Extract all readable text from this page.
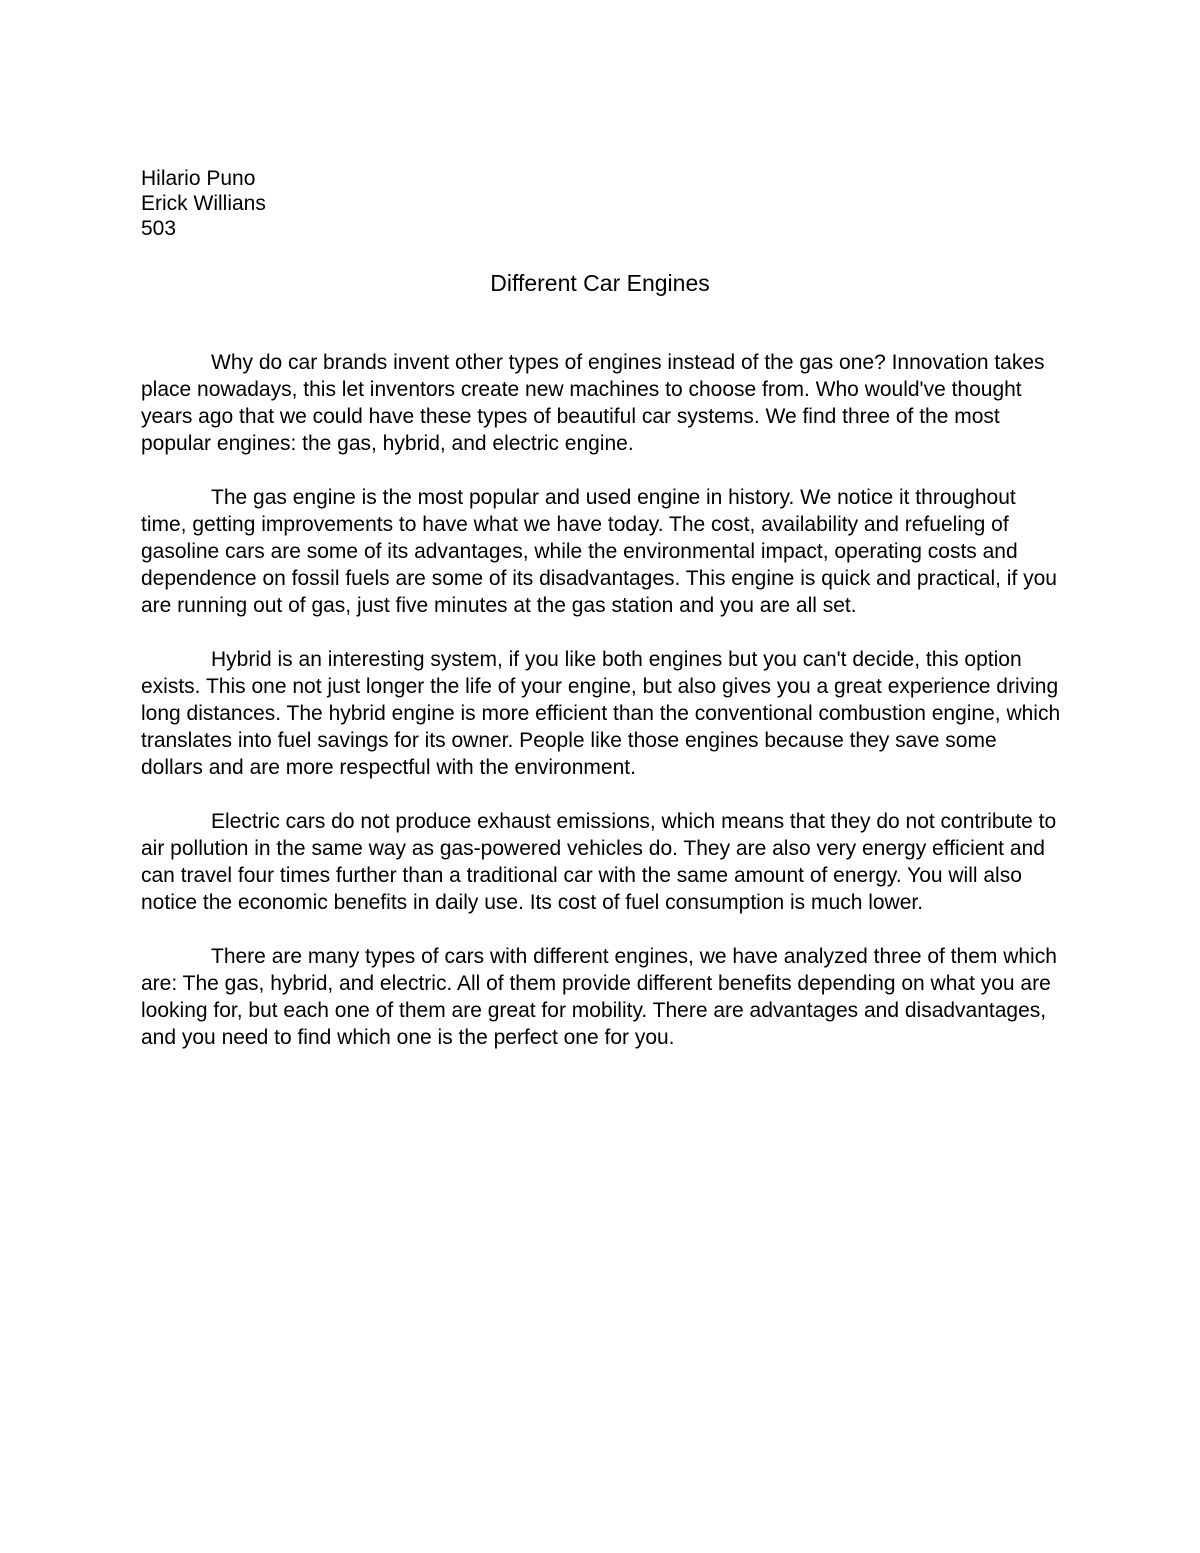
Hilario Puno
Erick Willians
503
Different Car Engines

Why do car brands invent other types of engines instead of the gas one? Innovation takes place nowadays, this let inventors create new machines to choose from. Who would've thought years ago that we could have these types of beautiful car systems. We find three of the most popular engines: the gas, hybrid, and electric engine.

The gas engine is the most popular and used engine in history. We notice it throughout time, getting improvements to have what we have today. The cost, availability and refueling of gasoline cars are some of its advantages, while the environmental impact, operating costs and dependence on fossil fuels are some of its disadvantages. This engine is quick and practical, if you are running out of gas, just five minutes at the gas station and you are all set.

Hybrid is an interesting system, if you like both engines but you can't decide, this option exists. This one not just longer the life of your engine, but also gives you a great experience driving long distances. The hybrid engine is more efficient than the conventional combustion engine, which translates into fuel savings for its owner. People like those engines because they save some dollars and are more respectful with the environment.

Electric cars do not produce exhaust emissions, which means that they do not contribute to air pollution in the same way as gas-powered vehicles do. They are also very energy efficient and can travel four times further than a traditional car with the same amount of energy. You will also notice the economic benefits in daily use. Its cost of fuel consumption is much lower.

There are many types of cars with different engines, we have analyzed three of them which are: The gas, hybrid, and electric. All of them provide different benefits depending on what you are looking for, but each one of them are great for mobility. There are advantages and disadvantages, and you need to find which one is the perfect one for you.
